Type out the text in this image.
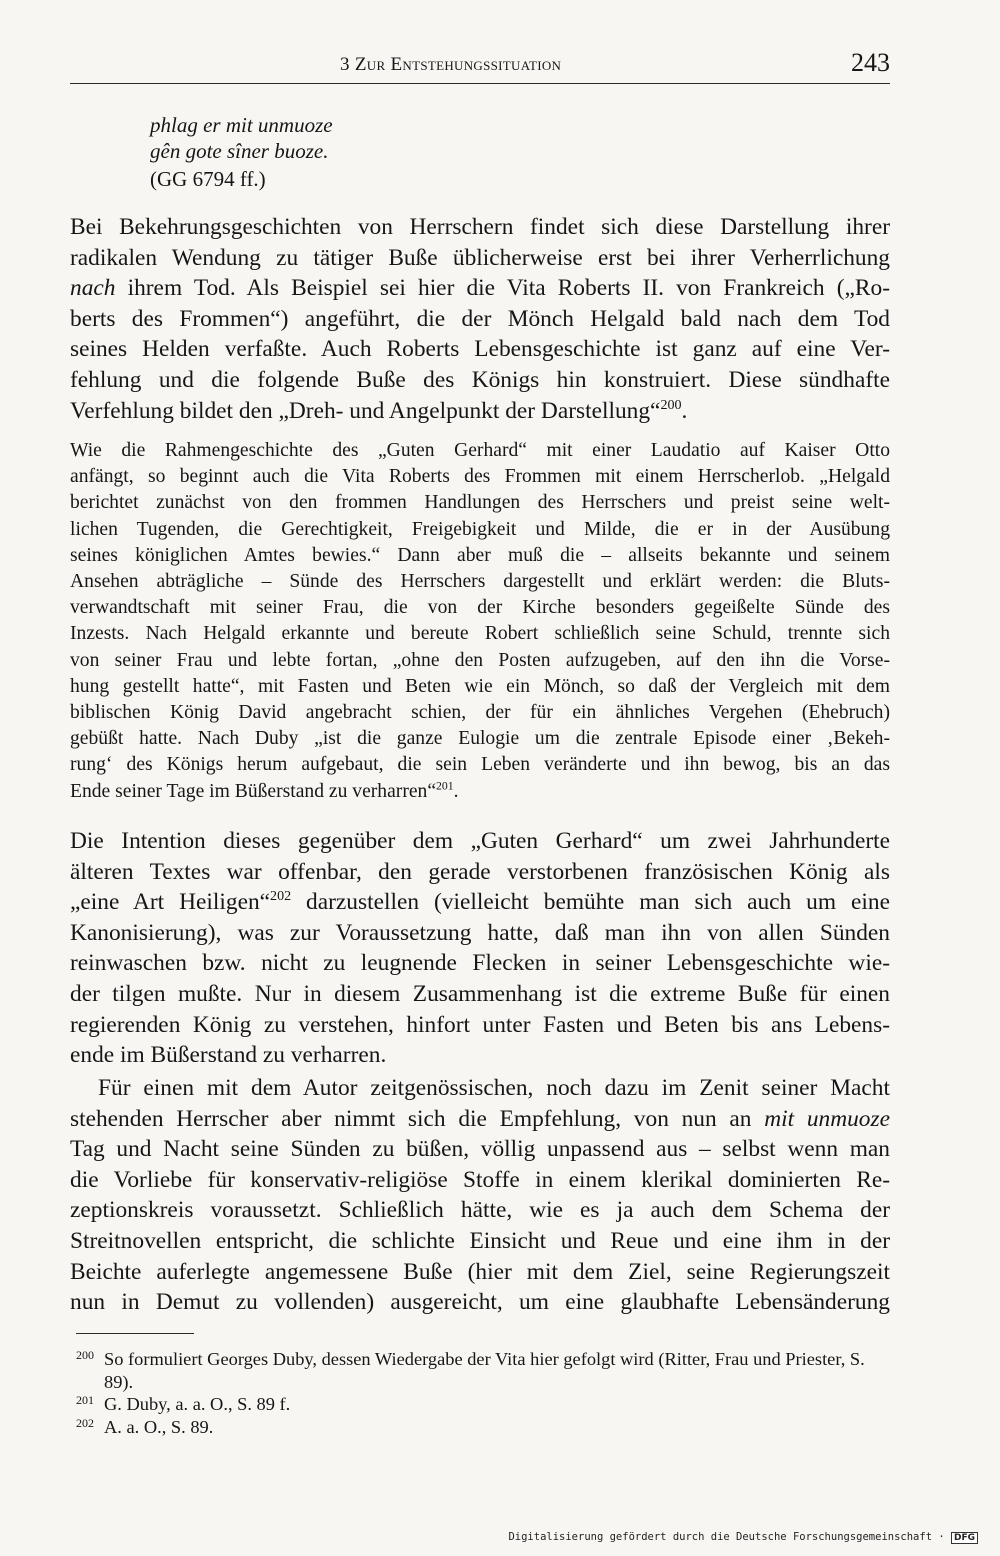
3 Zur Entstehungssituation	243
phlag er mit unmuoze
gên gote sîner buoze.
(GG 6794 ff.)

Bei Bekehrungsgeschichten von Herrschern findet sich diese Darstellung ihrer
radikalen Wendung zu tätiger Buße üblicherweise erst bei ihrer Verherrlichung
nach ihrem Tod. Als Beispiel sei hier die Vita Roberts II. von Frankreich („Ro-
berts des Frommen“) angeführt, die der Mönch Helgald bald nach dem Tod
seines Helden verfaßte. Auch Roberts Lebensgeschichte ist ganz auf eine Ver-
fehlung und die folgende Buße des Königs hin konstruiert. Diese sündhafte
Verfehlung bildet den „Dreh- und Angelpunkt der Darstellung“$^{200}$.

Wie die Rahmengeschichte des „Guten Gerhard“ mit einer Laudatio auf Kaiser Otto
anfängt, so beginnt auch die Vita Roberts des Frommen mit einem Herrscherlob. „Helgald
berichtet zunächst von den frommen Handlungen des Herrschers und preist seine welt-
lichen Tugenden, die Gerechtigkeit, Freigebigkeit und Milde, die er in der Ausübung
seines königlichen Amtes bewies.“ Dann aber muß die – allseits bekannte und seinem
Ansehen abträgliche – Sünde des Herrschers dargestellt und erklärt werden: die Bluts-
verwandtschaft mit seiner Frau, die von der Kirche besonders gegeißelte Sünde des
Inzests. Nach Helgald erkannte und bereute Robert schließlich seine Schuld, trennte sich
von seiner Frau und lebte fortan, „ohne den Posten aufzugeben, auf den ihn die Vorse-
hung gestellt hatte“, mit Fasten und Beten wie ein Mönch, so daß der Vergleich mit dem
biblischen König David angebracht schien, der für ein ähnliches Vergehen (Ehebruch)
gebüßt hatte. Nach Duby „ist die ganze Eulogie um die zentrale Episode einer ‚Bekeh-
rung‘ des Königs herum aufgebaut, die sein Leben veränderte und ihn bewog, bis an das
Ende seiner Tage im Büßerstand zu verharren“$^{201}$.

Die Intention dieses gegenüber dem „Guten Gerhard“ um zwei Jahrhunderte
älteren Textes war offenbar, den gerade verstorbenen französischen König als
„eine Art Heiligen“$^{202}$ darzustellen (vielleicht bemühte man sich auch um eine
Kanonisierung), was zur Voraussetzung hatte, daß man ihn von allen Sünden
reinwaschen bzw. nicht zu leugnende Flecken in seiner Lebensgeschichte wie-
der tilgen mußte. Nur in diesem Zusammenhang ist die extreme Buße für einen
regierenden König zu verstehen, hinfort unter Fasten und Beten bis ans Lebens-
ende im Büßerstand zu verharren.

Für einen mit dem Autor zeitgenössischen, noch dazu im Zenit seiner Macht
stehenden Herrscher aber nimmt sich die Empfehlung, von nun an mit unmuoze
Tag und Nacht seine Sünden zu büßen, völlig unpassend aus – selbst wenn man
die Vorliebe für konservativ-religiöse Stoffe in einem klerikal dominierten Re-
zeptionskreis voraussetzt. Schließlich hätte, wie es ja auch dem Schema der
Streitnovellen entspricht, die schlichte Einsicht und Reue und eine ihm in der
Beichte auferlegte angemessene Buße (hier mit dem Ziel, seine Regierungszeit
nun in Demut zu vollenden) ausgereicht, um eine glaubhafte Lebensänderung

200 So formuliert Georges Duby, dessen Wiedergabe der Vita hier gefolgt wird (Ritter, Frau und Priester, S. 89).
201 G. Duby, a. a. O., S. 89 f.
202 A. a. O., S. 89.
Digitalisierung gefördert durch die Deutsche Forschungsgemeinschaft · DFG
